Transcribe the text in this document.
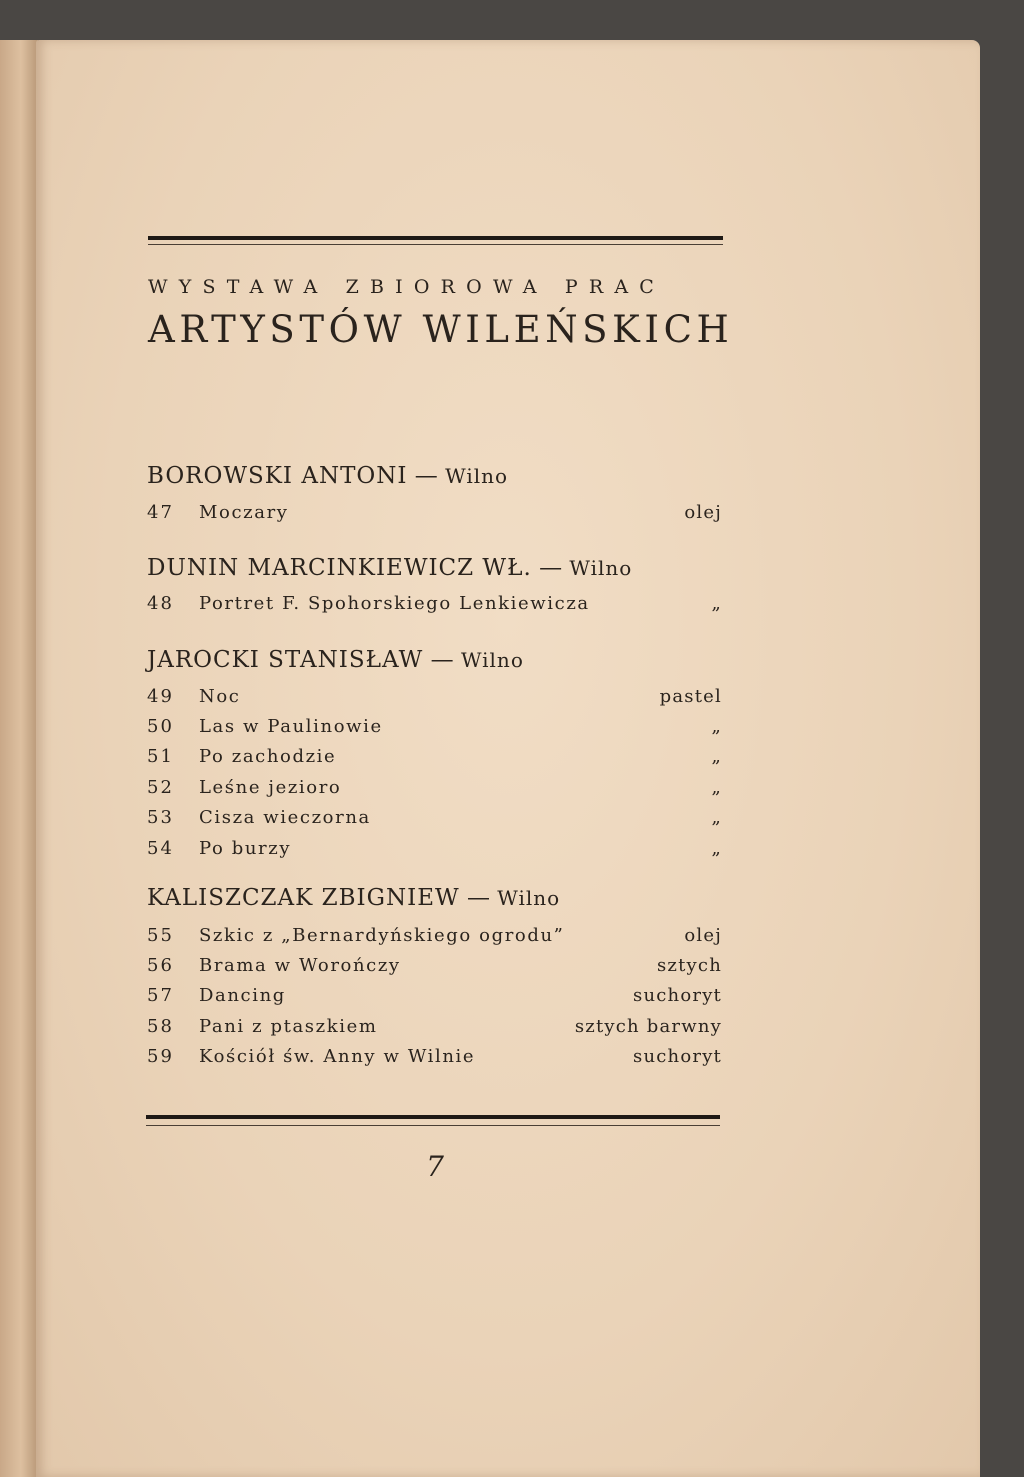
WYSTAWA ZBIOROWA PRAC
ARTYSTÓW WILEŃSKICH
BOROWSKI ANTONI — Wilno
47 Moczary	olej
DUNIN MARCINKIEWICZ WŁ. — Wilno
48 Portret F. Spohorskiego Lenkiewicza	„
JAROCKI STANISŁAW — Wilno
49 Noc	pastel
50 Las w Paulinowie	„
51 Po zachodzie	„
52 Leśne jezioro	„
53 Cisza wieczorna	„
54 Po burzy	„
KALISZCZAK ZBIGNIEW — Wilno
55 Szkic z „Bernardyńskiego ogrodu”	olej
56 Brama w Worończy	sztych
57 Dancing	suchoryt
58 Pani z ptaszkiem	sztych barwny
59 Kościół św. Anny w Wilnie	suchoryt
7
